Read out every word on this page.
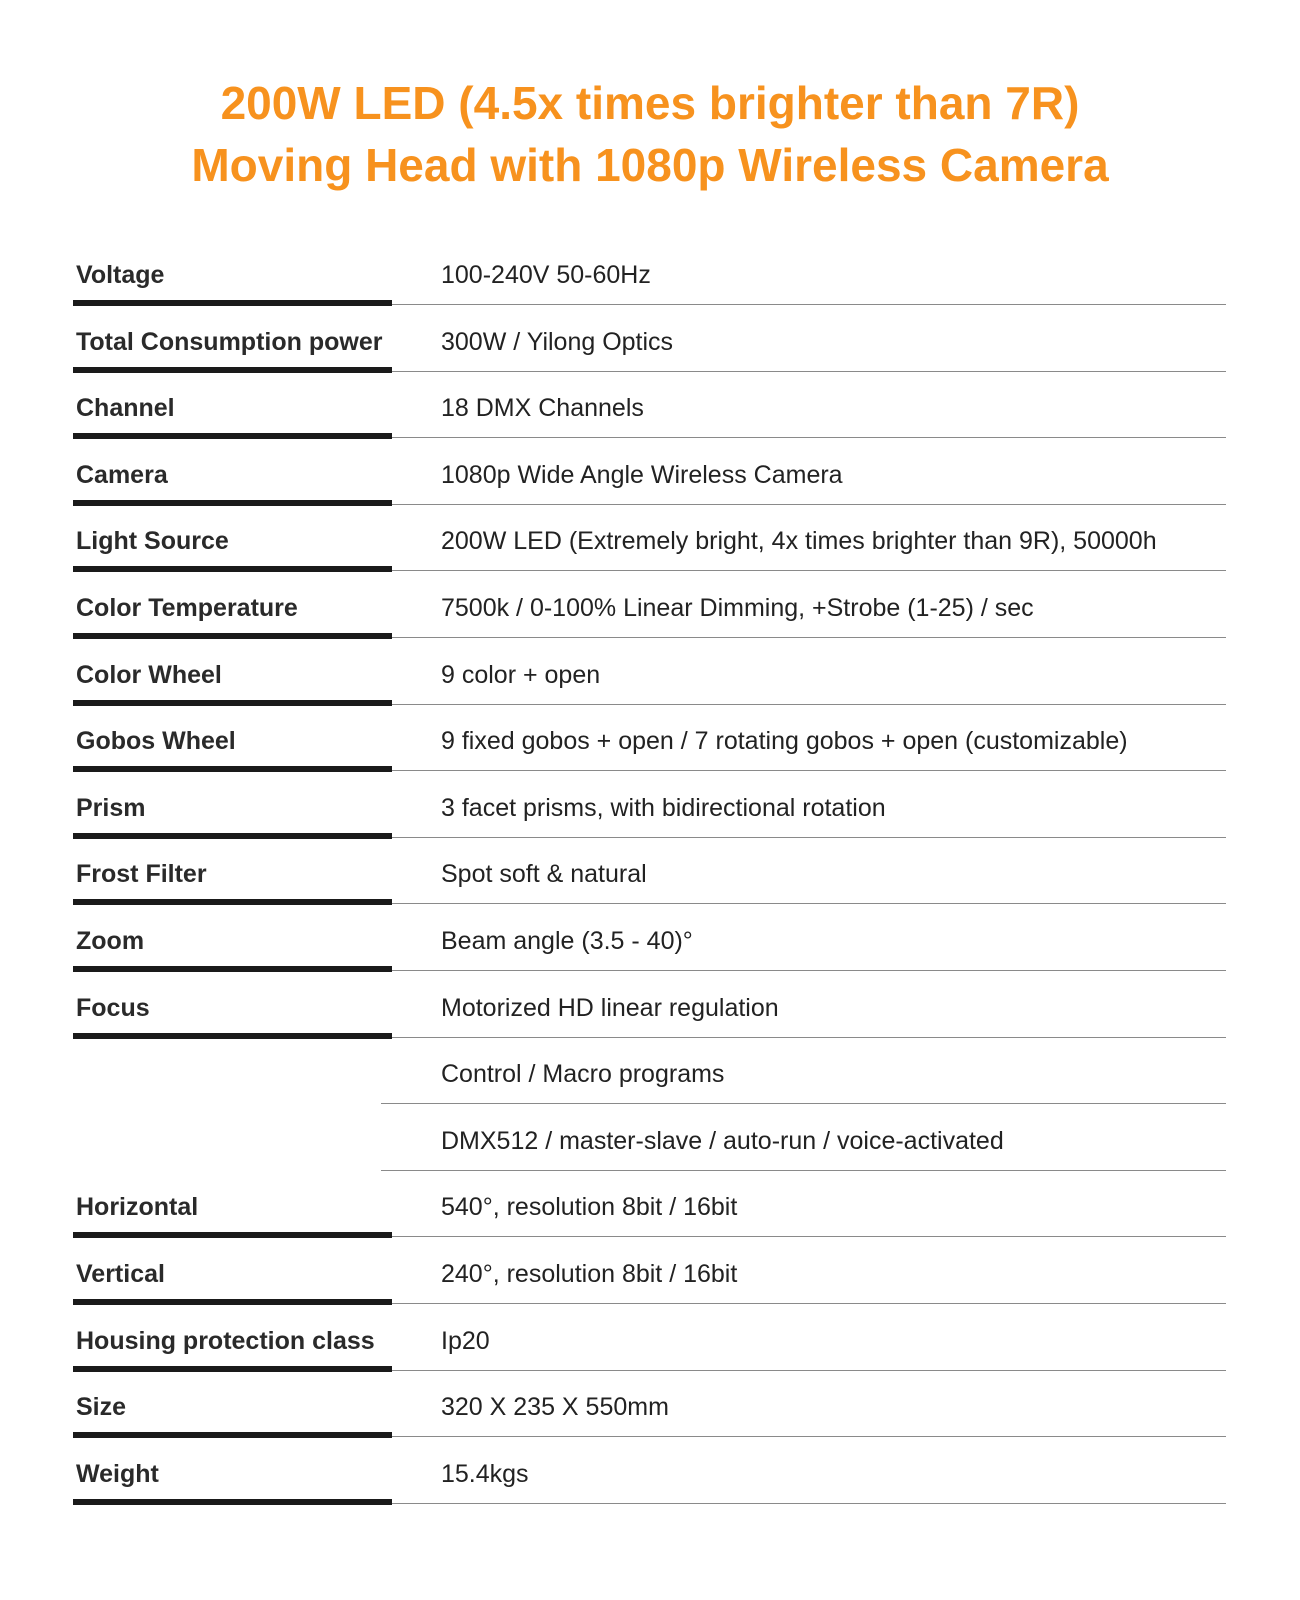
200W LED (4.5x times brighter than 7R)
Moving Head with 1080p Wireless Camera
Voltage	100-240V 50-60Hz
Total Consumption power 300W / Yilong Optics
Channel	18 DMX Channels
Camera	1080p Wide Angle Wireless Camera
Light Source	200W LED (Extremely bright, 4x times brighter than 9R), 50000h
Color Temperature	7500k / 0-100% Linear Dimming, +Strobe (1-25) / sec
Color Wheel	9 color + open
Gobos Wheel	9 fixed gobos + open / 7 rotating gobos + open (customizable)
Prism	3 facet prisms, with bidirectional rotation
Frost Filter	Spot soft & natural
Zoom	Beam angle (3.5 - 40)°
Focus	Motorized HD linear regulation
Control / Macro programs
DMX512 / master-slave / auto-run / voice-activated
Horizontal	540°, resolution 8bit / 16bit
Vertical	240°, resolution 8bit / 16bit
Housing protection class	Ip20
Size	320 X 235 X 550mm
Weight	15.4kgs
